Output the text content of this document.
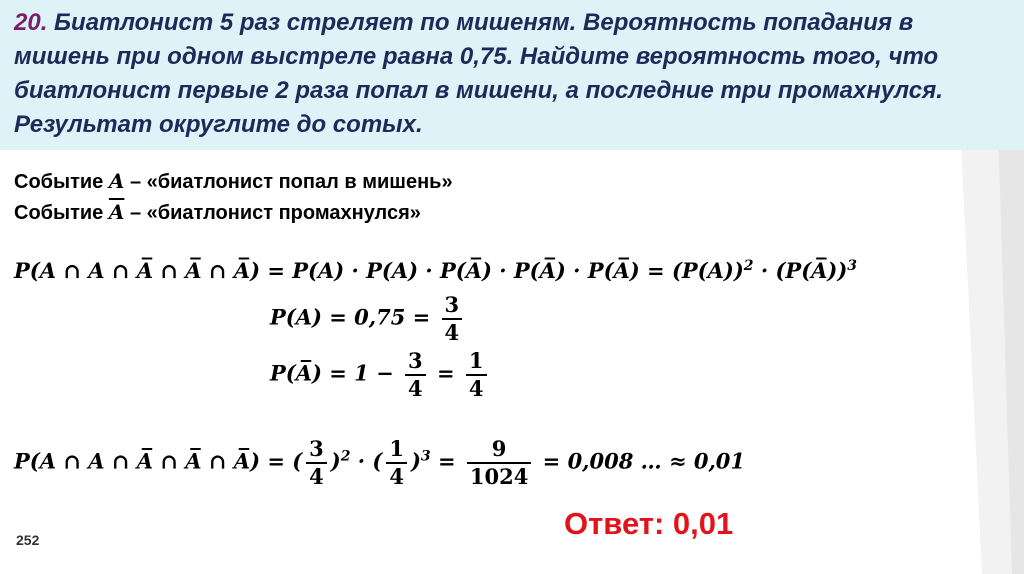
20. Биатлонист 5 раз стреляет по мишеням. Вероятность попадания в мишень при одном выстреле равна 0,75. Найдите вероятность того, что биатлонист первые 2 раза попал в мишени, а последние три промахнулся. Результат округлите до сотых.

Событие A – «биатлонист попал в мишень»
Событие $\overline{A}$ – «биатлонист промахнулся»
P(A ∩ A ∩ A̅ ∩ A̅ ∩ A̅) = P(A) · P(A) · P(A̅) · P(A̅) · P(A̅) = $(P(A))^2$ · (P(A̅))$^3$
$P(A) = 0,75 = \frac{3}{4}$
P(A̅) = $1 - \frac{3}{4} = \frac{1}{4}$
P(A ∩ A ∩ A̅ ∩ A̅ ∩ A̅) = ( $\frac{3}{4} )^2$ · ( $\frac{1}{4} )^3 = \frac{9}{1024} = 0,008$ … ≈ 0,01
Ответ: 0,01
252
